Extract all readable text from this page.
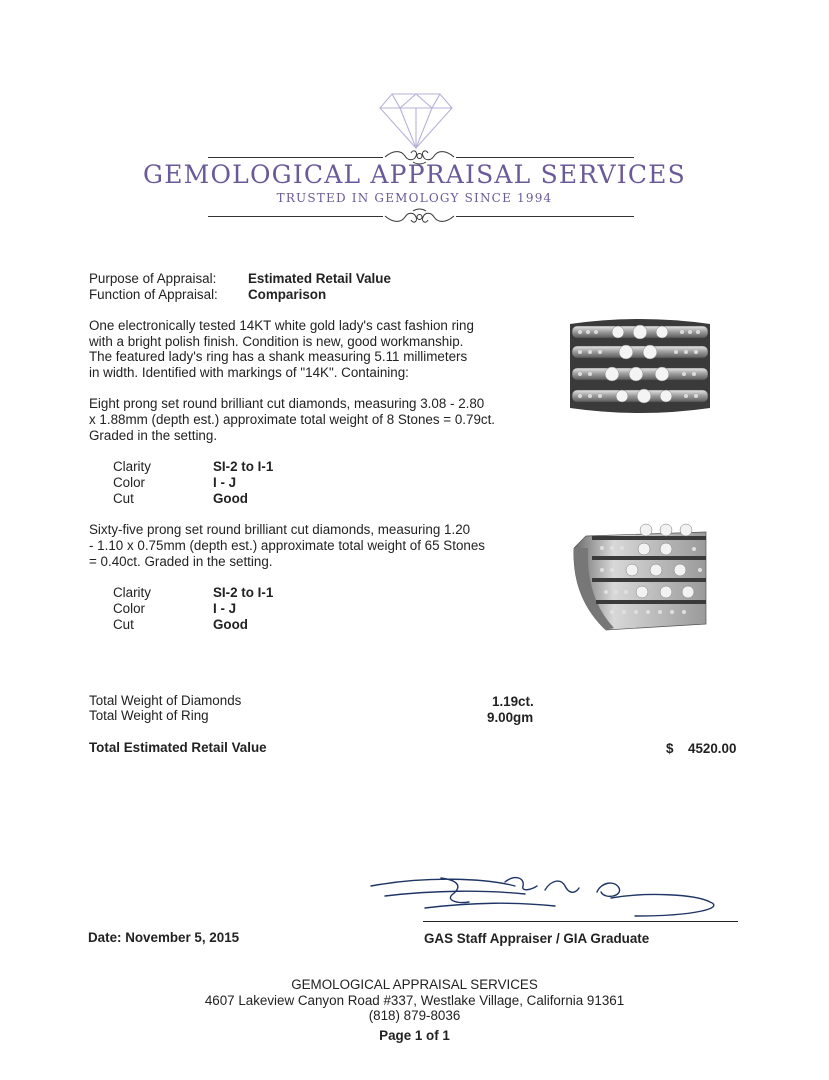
GEMOLOGICAL APPRAISAL SERVICES
TRUSTED IN GEMOLOGY SINCE 1994
Purpose of Appraisal: Estimated Retail Value
Function of Appraisal: Comparison
One electronically tested 14KT white gold lady's cast fashion ring
with a bright polish finish. Condition is new, good workmanship.
The featured lady's ring has a shank measuring 5.11 millimeters
in width. Identified with markings of "14K". Containing:
Eight prong set round brilliant cut diamonds, measuring 3.08 - 2.80
x 1.88mm (depth est.) approximate total weight of 8 Stones = 0.79ct.
Graded in the setting.
Clarity	SI-2 to I-1
Color	I - J
Cut	Good
Sixty-five prong set round brilliant cut diamonds, measuring 1.20
- 1.10 x 0.75mm (depth est.) approximate total weight of 65 Stones
= 0.40ct. Graded in the setting.
Clarity	SI-2 to I-1
Color	I - J
Cut	Good
Total Weight of Diamonds	1.19ct.
Total Weight of Ring	9.00gm
Total Estimated Retail Value	$ 4520.00
Date: November 5, 2015	GAS Staff Appraiser / GIA Graduate
GEMOLOGICAL APPRAISAL SERVICES
4607 Lakeview Canyon Road #337, Westlake Village, California 91361
(818) 879-8036
Page 1 of 1
